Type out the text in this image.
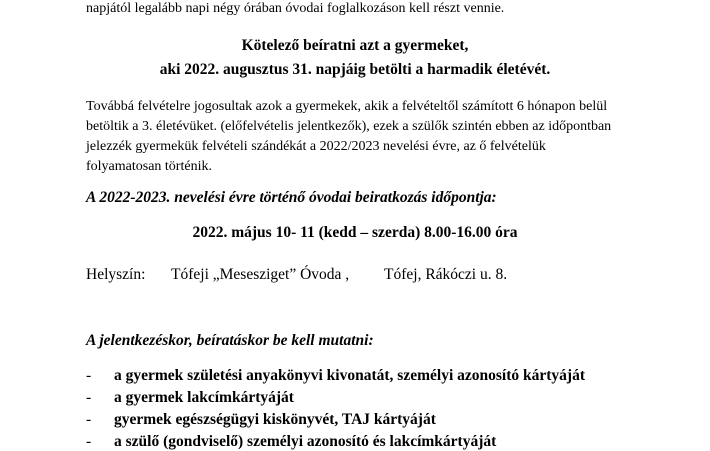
napjától legalább napi négy órában óvodai foglalkozáson kell részt vennie.
Kötelező beíratni azt a gyermeket,
aki 2022. augusztus 31. napjáig betölti a harmadik életévét.
Továbbá felvételre jogosultak azok a gyermekek, akik a felvételtől számított 6 hónapon belül
betöltik a 3. életévüket. (előfelvételis jelentkezők), ezek a szülők szintén ebben az időpontban
jelezzék gyermekük felvételi szándékát a 2022/2023 nevelési évre, az ő felvételük
folyamatosan történik.
A 2022-2023. nevelési évre történő óvodai beiratkozás időpontja:
2022. május 10- 11 (kedd – szerda) 8.00-16.00 óra
Helyszín: Tófeji „Mesesziget” Óvoda , Tófej, Rákóczi u. 8.
A jelentkezéskor, beíratáskor be kell mutatni:
- a gyermek születési anyakönyvi kivonatát, személyi azonosító kártyáját
- a gyermek lakcímkártyáját
- gyermek egészségügyi kiskönyvét, TAJ kártyáját
- a szülő (gondviselő) személyi azonosító és lakcímkártyáját
